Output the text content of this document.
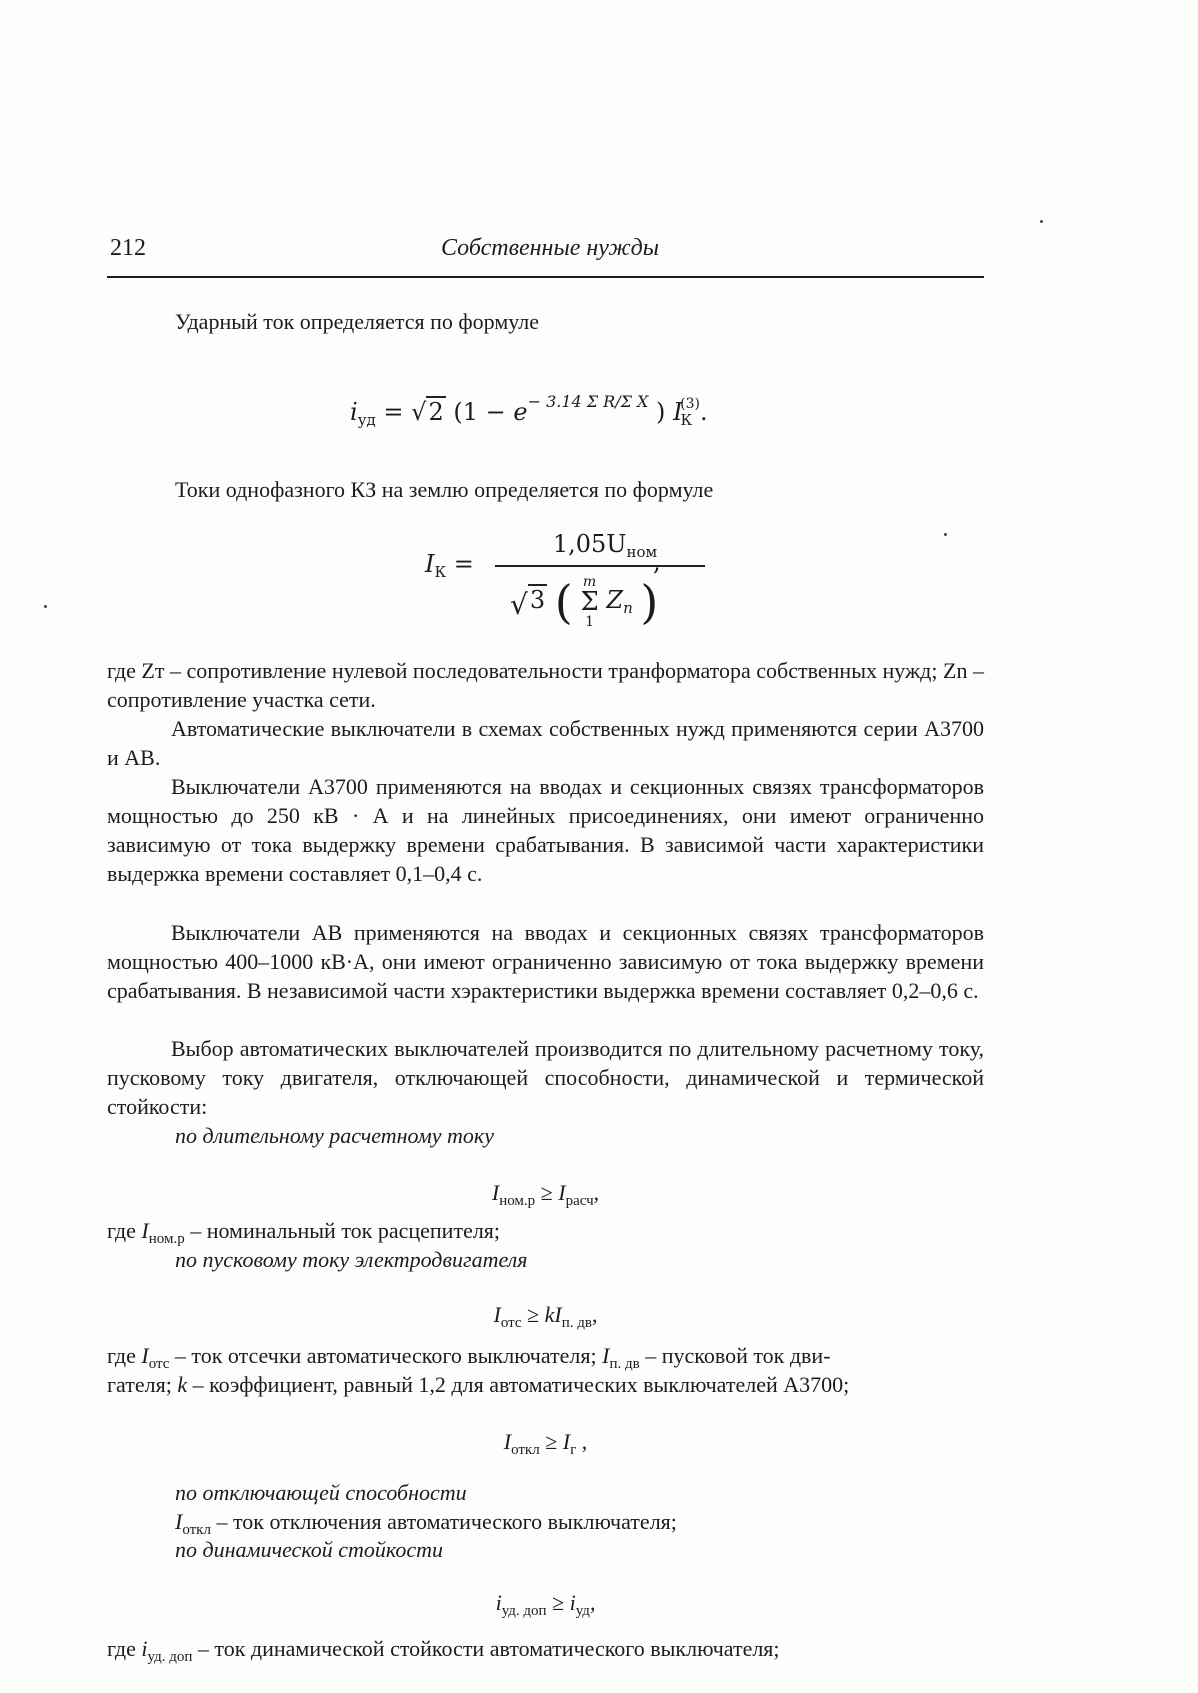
212	Собственные нужды
Ударный ток определяется по формуле
$i_{уд} = √2$ ($1 - e^{- 3.14 \Sigma R/\Sigma X}$ ) $I_К^{(3)}$.
Токи однофазного КЗ на землю определяется по формуле
$I_К$ =
$1,05U_{ном}$
,
√3 ( m
Σ
1
$Z_n$ )
где Zт – сопротивление нулевой последовательности транформатора собственных нужд; Zn –сопротивление участка сети.
Автоматические выключатели в схемах собственных нужд применяются серии А3700 и АВ.
Выключатели А3700 применяются на вводах и секционных связях трансформаторов мощностью до 250 кВ · А и на линейных присоединениях, они имеют ограниченно зависимую от тока выдержку времени срабатывания. В зависимой части характеристики выдержка времени составляет 0,1–0,4 с.
Выключатели АВ применяются на вводах и секционных связях трансформаторов мощностью 400–1000 кВ·А, они имеют ограниченно зависимую от тока выдержку времени срабатывания. В независимой части хэрактеристики выдержка времени составляет 0,2–0,6 с.
Выбор автоматических выключателей производится по длительному расчетному току, пусковому току двигателя, отключающей способности, динамической и термической стойкости:
по длительному расчетному току
$I_{ном.р} \ge I_{расч}$,
где $I_{ном.р}$ – номинальный ток расцепителя;
по пусковому току электродвигателя
$I_{отс} \ge kI_{п. дв}$,
где $I_{отс}$ – ток отсечки автоматического выключателя; $I_{п. дв}$ – пусковой ток дви-
гателя; k – коэффициент, равный 1,2 для автоматических выключателей А3700;
$I_{откл} \ge I_г$ ,
по отключающей способности
$I_{откл}$ – ток отключения автоматического выключателя;
по динамической стойкости
$i_{уд. доп} \ge i_{уд}$,
где $i_{уд. доп}$ – ток динамической стойкости автоматического выключателя;
